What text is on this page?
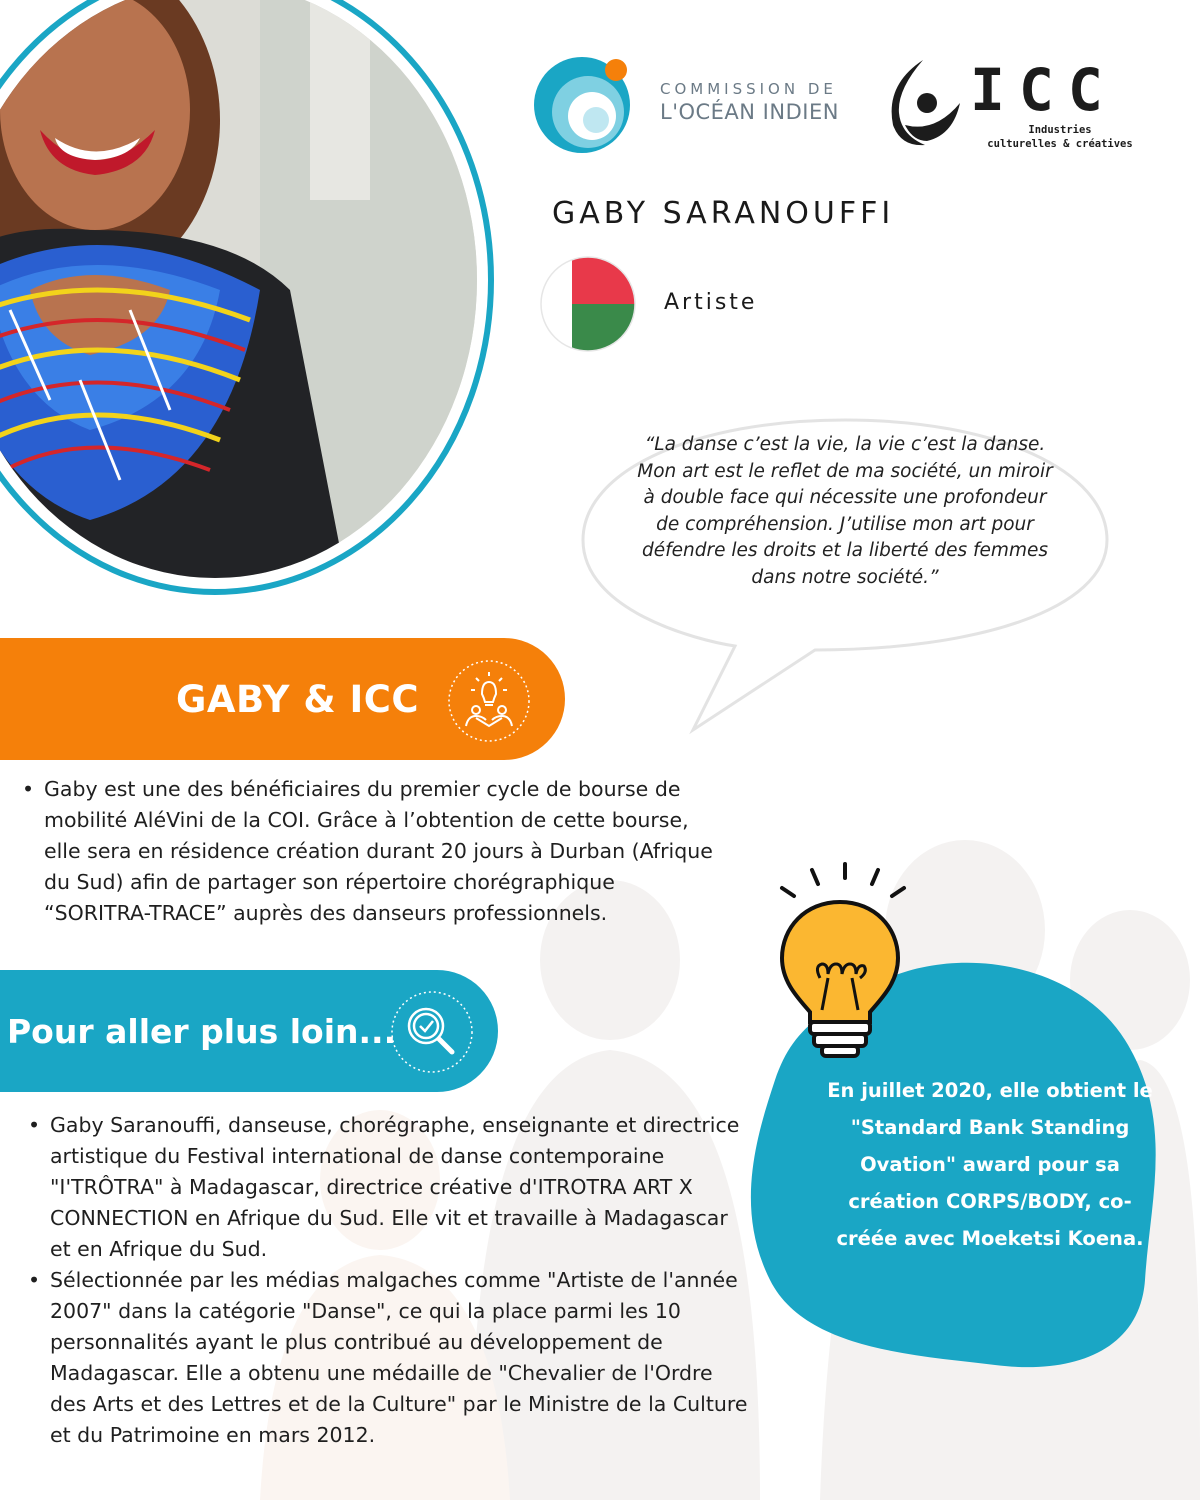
COMMISSION DE
L'OCÉAN INDIEN ICC
Industries
culturelles & créatives
GABY SARANOUFFI
Artiste
“La danse c’est la vie, la vie c’est la danse. Mon art est le reflet de ma société, un miroir à double face qui nécessite une profondeur de compréhension. J’utilise mon art pour défendre les droits et la liberté des femmes dans notre société.”
GABY & ICC
• Gaby est une des bénéficiaires du premier cycle de bourse de mobilité AléVini de la COI. Grâce à l’obtention de cette bourse, elle sera en résidence création durant 20 jours à Durban (Afrique du Sud) afin de partager son répertoire chorégraphique “SORITRA-TRACE” auprès des danseurs professionnels.
Pour aller plus loin...
• Gaby Saranouffi, danseuse, chorégraphe, enseignante et directrice artistique du Festival international de danse contemporaine "I'TRÔTRA" à Madagascar, directrice créative d'ITROTRA ART X CONNECTION en Afrique du Sud. Elle vit et travaille à Madagascar et en Afrique du Sud.
• Sélectionnée par les médias malgaches comme "Artiste de l'année 2007" dans la catégorie "Danse", ce qui la place parmi les 10 personnalités ayant le plus contribué au développement de Madagascar. Elle a obtenu une médaille de "Chevalier de l'Ordre des Arts et des Lettres et de la Culture" par le Ministre de la Culture et du Patrimoine en mars 2012.
En juillet 2020, elle obtient le "Standard Bank Standing Ovation" award pour sa création CORPS/BODY, co-créée avec Moeketsi Koena.
